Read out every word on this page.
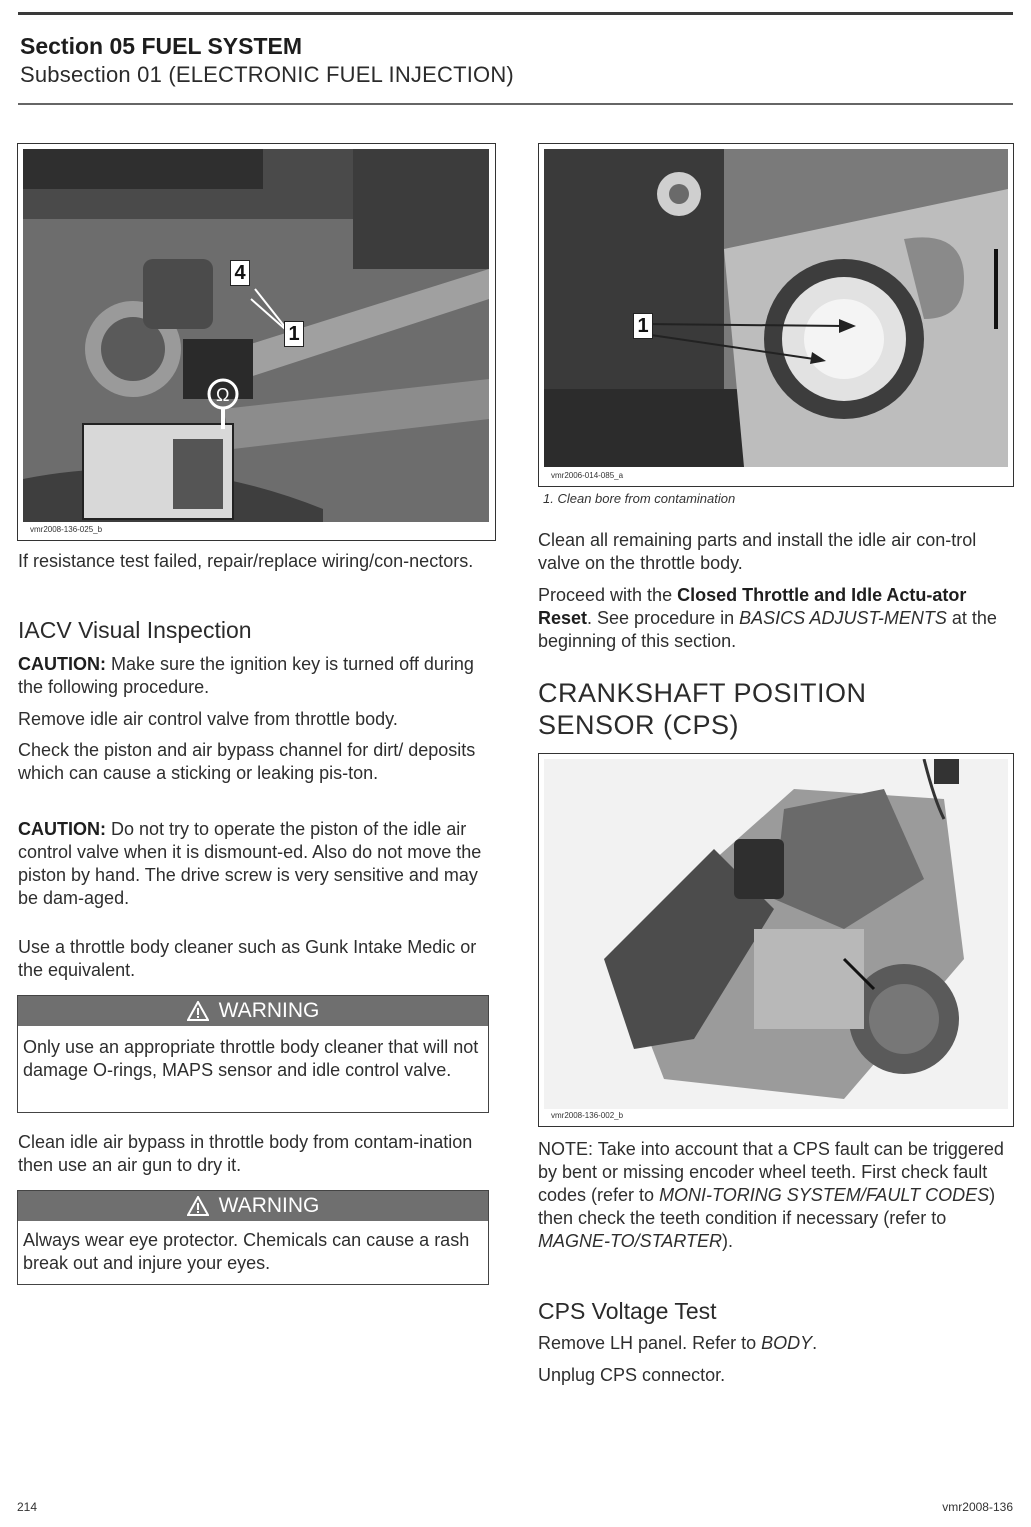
Section 05 FUEL SYSTEM
Subsection 01 (ELECTRONIC FUEL INJECTION)
Ω
4
1
vmr2008-136-025_b
If resistance test failed, repair/replace wiring/con-nectors.
IACV Visual Inspection
CAUTION: Make sure the ignition key is turned off during the following procedure.
Remove idle air control valve from throttle body.
Check the piston and air bypass channel for dirt/ deposits which can cause a sticking or leaking pis-ton.
CAUTION: Do not try to operate the piston of the idle air control valve when it is dismount-ed. Also do not move the piston by hand. The drive screw is very sensitive and may be dam-aged.
Use a throttle body cleaner such as Gunk Intake Medic or the equivalent.
WARNING
Only use an appropriate throttle body cleaner that will not damage O-rings, MAPS sensor and idle control valve.
Clean idle air bypass in throttle body from contam-ination then use an air gun to dry it.
WARNING
Always wear eye protector. Chemicals can cause a rash break out and injure your eyes.
1
vmr2006-014-085_a
1. Clean bore from contamination
Clean all remaining parts and install the idle air con-trol valve on the throttle body.
Proceed with the Closed Throttle and Idle Actu-ator Reset. See procedure in BASICS ADJUST-MENTS at the beginning of this section.
CRANKSHAFT POSITION SENSOR (CPS)
vmr2008-136-002_b
NOTE: Take into account that a CPS fault can be triggered by bent or missing encoder wheel teeth. First check fault codes (refer to MONI-TORING SYSTEM/FAULT CODES) then check the teeth condition if necessary (refer to MAGNE-TO/STARTER).
CPS Voltage Test
Remove LH panel. Refer to BODY.
Unplug CPS connector.
214	vmr2008-136
